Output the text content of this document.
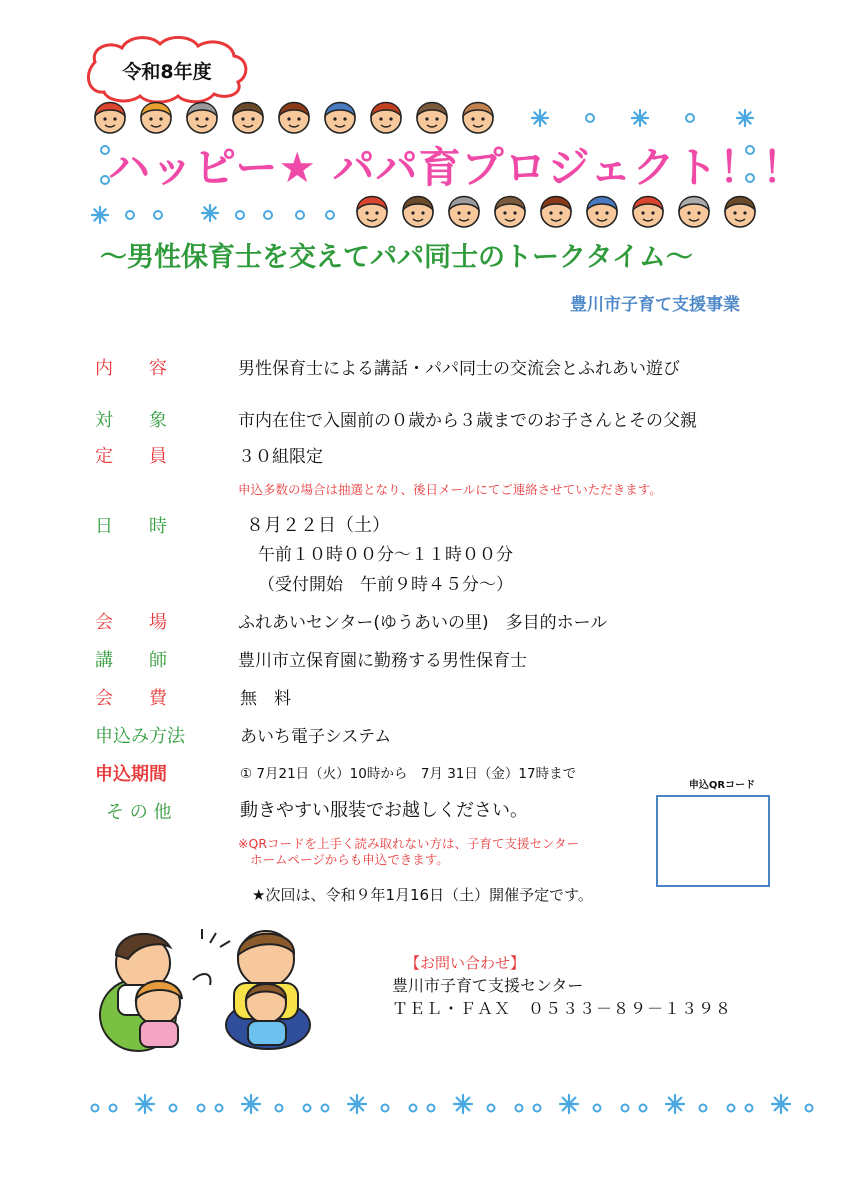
令和8年度
ハッピー★ パパ育プロジェクト！！
～男性保育士を交えてパパ同士のトークタイム～
豊川市子育て支援事業
内　　容	男性保育士による講話・パパ同士の交流会とふれあい遊び
対　　象	市内在住で入園前の０歳から３歳までのお子さんとその父親
定　　員	３０組限定
申込多数の場合は抽選となり、後日メールにてご連絡させていただきます。
日　　時	８月２２日（土）
午前１０時００分～１１時００分
（受付開始　午前９時４５分～）
会　　場	ふれあいセンター(ゆうあいの里)　多目的ホール
講　　師	豊川市立保育園に勤務する男性保育士
会　　費	無　料
申込み方法	あいち電子システム
申込期間	① 7月21日（火）10時から　7月 31日（金）17時まで
そ の 他	動きやすい服装でお越しください。
※QRコードを上手く読み取れない方は、子育て支援センター
ホームページからも申込できます。
★次回は、令和９年1月16日（土）開催予定です。
申込QRコード
【お問い合わせ】
豊川市子育て支援センター
ＴＥＬ・ＦＡＸ　０５３３－８９－１３９８
